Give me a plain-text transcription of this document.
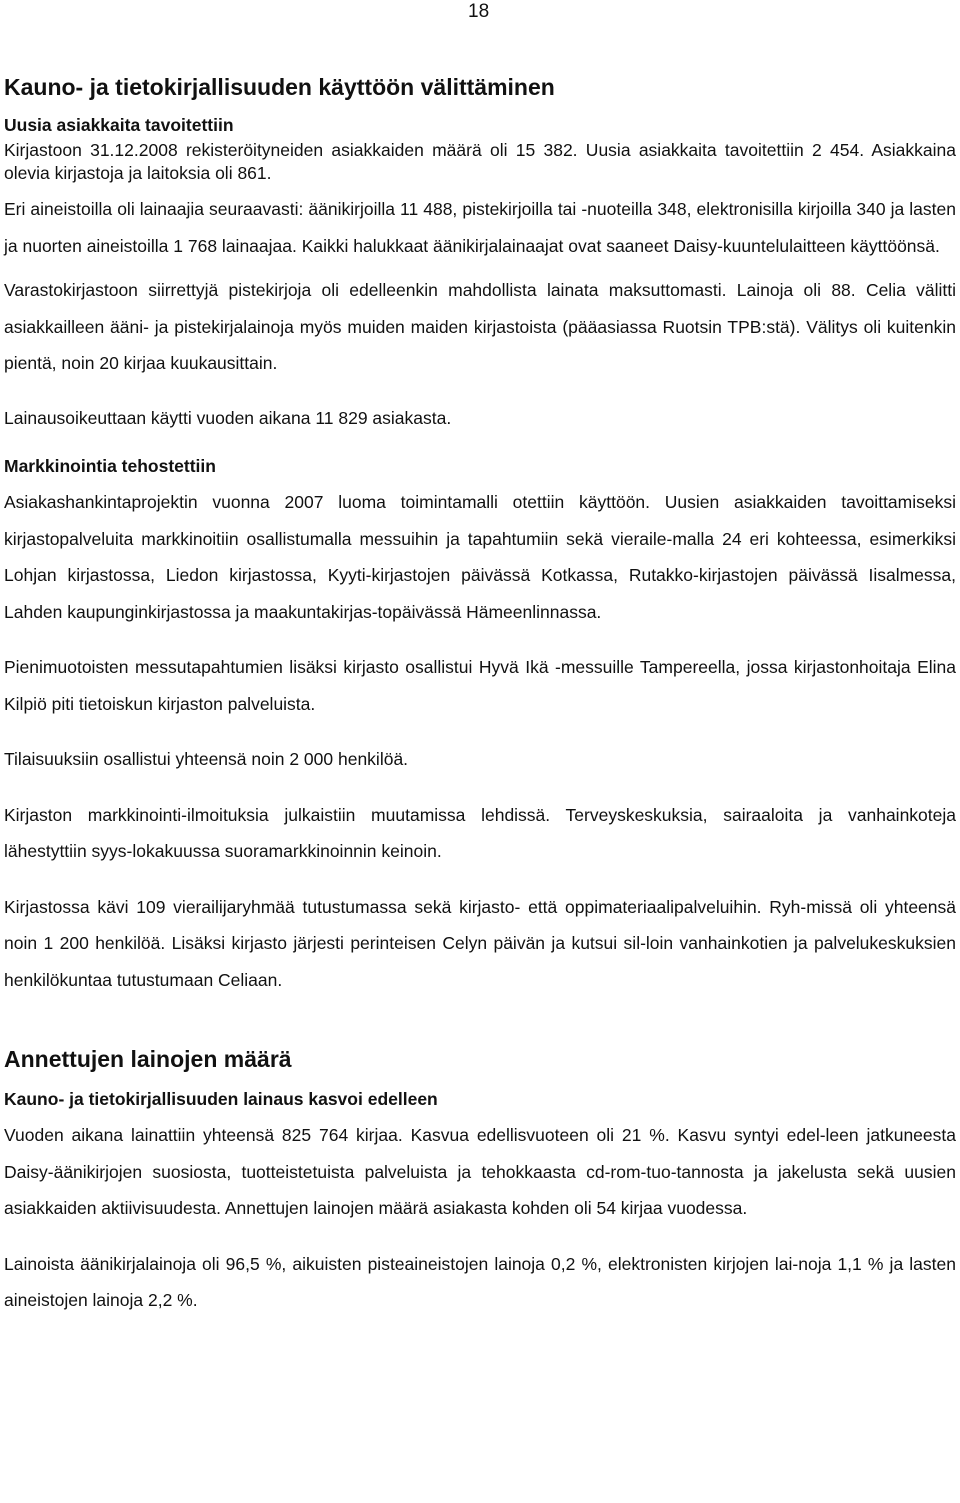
18
Kauno- ja tietokirjallisuuden käyttöön välittäminen
Uusia asiakkaita tavoitettiin

Kirjastoon 31.12.2008 rekisteröityneiden asiakkaiden määrä oli 15 382. Uusia asiakkaita tavoitettiin 2 454. Asiakkaina olevia kirjastoja ja laitoksia oli 861.

Eri aineistoilla oli lainaajia seuraavasti: äänikirjoilla 11 488, pistekirjoilla tai -nuoteilla 348, elektronisilla kirjoilla 340 ja lasten ja nuorten aineistoilla 1 768 lainaajaa. Kaikki halukkaat äänikirjalainaajat ovat saaneet Daisy-kuuntelulaitteen käyttöönsä.

Varastokirjastoon siirrettyjä pistekirjoja oli edelleenkin mahdollista lainata maksuttomasti. Lainoja oli 88. Celia välitti asiakkailleen ääni- ja pistekirjalainoja myös muiden maiden kirjastoista (pääasiassa Ruotsin TPB:stä). Välitys oli kuitenkin pientä, noin 20 kirjaa kuukausittain.

Lainausoikeuttaan käytti vuoden aikana 11 829 asiakasta.

Markkinointia tehostettiin

Asiakashankintaprojektin vuonna 2007 luoma toimintamalli otettiin käyttöön. Uusien asiakkaiden tavoittamiseksi kirjastopalveluita markkinoitiin osallistumalla messuihin ja tapahtumiin sekä vieraile-malla 24 eri kohteessa, esimerkiksi Lohjan kirjastossa, Liedon kirjastossa, Kyyti-kirjastojen päivässä Kotkassa, Rutakko-kirjastojen päivässä Iisalmessa, Lahden kaupunginkirjastossa ja maakuntakirjas-topäivässä Hämeenlinnassa.

Pienimuotoisten messutapahtumien lisäksi kirjasto osallistui Hyvä Ikä -messuille Tampereella, jossa kirjastonhoitaja Elina Kilpiö piti tietoiskun kirjaston palveluista.

Tilaisuuksiin osallistui yhteensä noin 2 000 henkilöä.

Kirjaston markkinointi-ilmoituksia julkaistiin muutamissa lehdissä. Terveyskeskuksia, sairaaloita ja vanhainkoteja lähestyttiin syys-lokakuussa suoramarkkinoinnin keinoin.

Kirjastossa kävi 109 vierailijaryhmää tutustumassa sekä kirjasto- että oppimateriaalipalveluihin. Ryh-missä oli yhteensä noin 1 200 henkilöä. Lisäksi kirjasto järjesti perinteisen Celyn päivän ja kutsui sil-loin vanhainkotien ja palvelukeskuksien henkilökuntaa tutustumaan Celiaan.

Annettujen lainojen määrä
Kauno- ja tietokirjallisuuden lainaus kasvoi edelleen

Vuoden aikana lainattiin yhteensä 825 764 kirjaa. Kasvua edellisvuoteen oli 21 %. Kasvu syntyi edel-leen jatkuneesta Daisy-äänikirjojen suosiosta, tuotteistetuista palveluista ja tehokkaasta cd-rom-tuo-tannosta ja jakelusta sekä uusien asiakkaiden aktiivisuudesta. Annettujen lainojen määrä asiakasta kohden oli 54 kirjaa vuodessa.

Lainoista äänikirjalainoja oli 96,5 %, aikuisten pisteaineistojen lainoja 0,2 %, elektronisten kirjojen lai-noja 1,1 % ja lasten aineistojen lainoja 2,2 %.
